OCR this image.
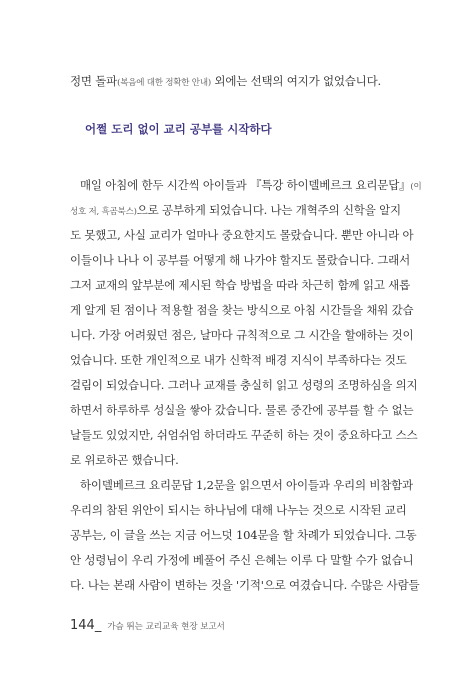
정면 돌파(복음에 대한 정확한 안내) 외에는 선택의 여지가 없었습니다.
어쩔 도리 없이 교리 공부를 시작하다
매일 아침에 한두 시간씩 아이들과 『특강 하이델베르크 요리문답』(이
성호 저, 흑곰북스)으로 공부하게 되었습니다. 나는 개혁주의 신학을 알지
도 못했고, 사실 교리가 얼마나 중요한지도 몰랐습니다. 뿐만 아니라 아
이들이나 나나 이 공부를 어떻게 해 나가야 할지도 몰랐습니다. 그래서
그저 교재의 앞부분에 제시된 학습 방법을 따라 차근히 함께 읽고 새롭
게 알게 된 점이나 적용할 점을 찾는 방식으로 아침 시간들을 채워 갔습
니다. 가장 어려웠던 점은, 날마다 규칙적으로 그 시간을 할애하는 것이
었습니다. 또한 개인적으로 내가 신학적 배경 지식이 부족하다는 것도
걸림이 되었습니다. 그러나 교재를 충실히 읽고 성령의 조명하심을 의지
하면서 하루하루 성실을 쌓아 갔습니다. 물론 중간에 공부를 할 수 없는
날들도 있었지만, 쉬엄쉬엄 하더라도 꾸준히 하는 것이 중요하다고 스스
로 위로하곤 했습니다.
하이델베르크 요리문답 1,2문을 읽으면서 아이들과 우리의 비참함과
우리의 참된 위안이 되시는 하나님에 대해 나누는 것으로 시작된 교리
공부는, 이 글을 쓰는 지금 어느덧 104문을 할 차례가 되었습니다. 그동
안 성령님이 우리 가정에 베풀어 주신 은혜는 이루 다 말할 수가 없습니
다. 나는 본래 사람이 변하는 것을 '기적'으로 여겼습니다. 수많은 사람들
144_ 가슴 뛰는 교리교육 현장 보고서
